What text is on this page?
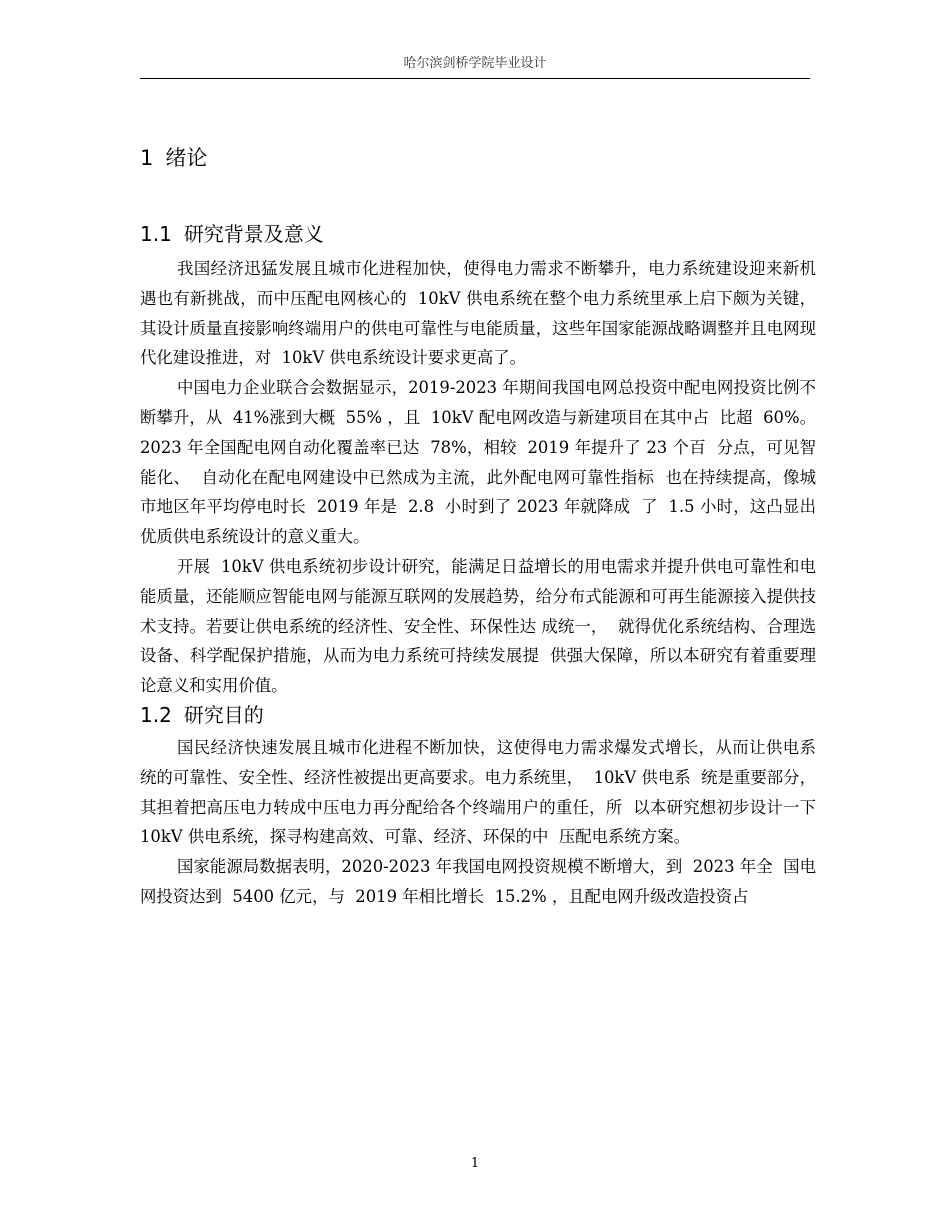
哈尔滨剑桥学院毕业设计
1 绪论
1.1 研究背景及意义

我国经济迅猛发展且城市化进程加快，使得电力需求不断攀升，电力系统建设迎来新机遇也有新挑战，而中压配电网核心的  10kV 供电系统在整个电力系统里承上启下颇为关键，其设计质量直接影响终端用户的供电可靠性与电能质量，这些年国家能源战略调整并且电网现代化建设推进，对  10kV 供电系统设计要求更高了。

中国电力企业联合会数据显示，2019-2023 年期间我国电网总投资中配电网投资比例不断攀升，从  41%涨到大概  55% ，且  10kV 配电网改造与新建项目在其中占  比超  60%。2023 年全国配电网自动化覆盖率已达  78%，相较  2019 年提升了 23 个百  分点，可见智能化、  自动化在配电网建设中已然成为主流，此外配电网可靠性指标  也在持续提高，像城市地区年平均停电时长  2019 年是  2.8  小时到了 2023 年就降成  了  1.5 小时，这凸显出优质供电系统设计的意义重大。

开展  10kV 供电系统初步设计研究，能满足日益增长的用电需求并提升供电可靠性和电能质量，还能顺应智能电网与能源互联网的发展趋势，给分布式能源和可再生能源接入提供技术支持。若要让供电系统的经济性、安全性、环保性达 成统一，  就得优化系统结构、合理选设备、科学配保护措施，从而为电力系统可持续发展提  供强大保障，所以本研究有着重要理论意义和实用价值。

1.2 研究目的

国民经济快速发展且城市化进程不断加快，这使得电力需求爆发式增长，从而让供电系统的可靠性、安全性、经济性被提出更高要求。电力系统里，  10kV 供电系  统是重要部分，其担着把高压电力转成中压电力再分配给各个终端用户的重任，所  以本研究想初步设计一下  10kV 供电系统，探寻构建高效、可靠、经济、环保的中  压配电系统方案。

国家能源局数据表明，2020-2023 年我国电网投资规模不断增大，到  2023 年全  国电网投资达到  5400 亿元，与  2019 年相比增长  15.2% ，且配电网升级改造投资占

1
